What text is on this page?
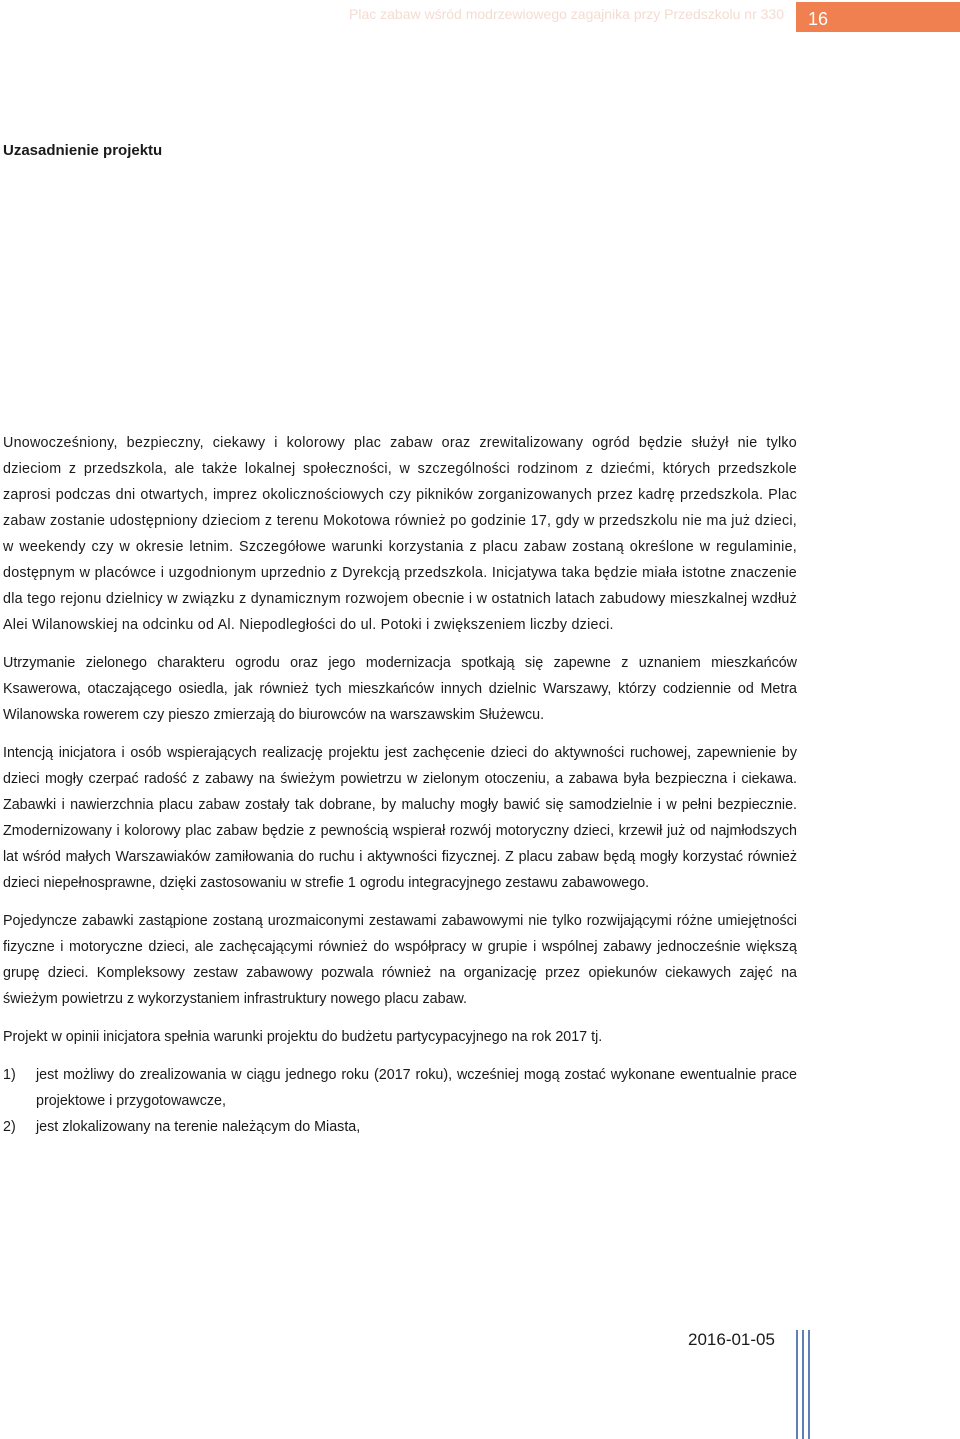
Plac zabaw wśród modrzewiowego zagajnika przy Przedszkolu nr 330	16
Uzasadnienie projektu

Unowocześniony, bezpieczny, ciekawy i kolorowy plac zabaw oraz zrewitalizowany ogród będzie służył nie tylko dzieciom z przedszkola, ale także lokalnej społeczności, w szczególności rodzinom z dziećmi, których przedszkole zaprosi podczas dni otwartych, imprez okolicznościowych czy pikników zorganizowanych przez kadrę przedszkola. Plac zabaw zostanie udostępniony dzieciom z terenu Mokotowa również po godzinie 17, gdy w przedszkolu nie ma już dzieci, w weekendy czy w okresie letnim. Szczegółowe warunki korzystania z placu zabaw zostaną określone w regulaminie, dostępnym w placówce i uzgodnionym uprzednio z Dyrekcją przedszkola. Inicjatywa taka będzie miała istotne znaczenie dla tego rejonu dzielnicy w związku z dynamicznym rozwojem obecnie i w ostatnich latach zabudowy mieszkalnej wzdłuż Alei Wilanowskiej na odcinku od Al. Niepodległości do ul. Potoki i zwiększeniem liczby dzieci.

Utrzymanie zielonego charakteru ogrodu oraz jego modernizacja spotkają się zapewne z uznaniem mieszkańców Ksawerowa, otaczającego osiedla, jak również tych mieszkańców innych dzielnic Warszawy, którzy codziennie od Metra Wilanowska rowerem czy pieszo zmierzają do biurowców na warszawskim Służewcu.

Intencją inicjatora i osób wspierających realizację projektu jest zachęcenie dzieci do aktywności ruchowej, zapewnienie by dzieci mogły czerpać radość z zabawy na świeżym powietrzu w zielonym otoczeniu, a zabawa była bezpieczna i ciekawa. Zabawki i nawierzchnia placu zabaw zostały tak dobrane, by maluchy mogły bawić się samodzielnie i w pełni bezpiecznie. Zmodernizowany i kolorowy plac zabaw będzie z pewnością wspierał rozwój motoryczny dzieci, krzewił już od najmłodszych lat wśród małych Warszawiaków zamiłowania do ruchu i aktywności fizycznej. Z placu zabaw będą mogły korzystać również dzieci niepełnosprawne, dzięki zastosowaniu w strefie 1 ogrodu integracyjnego zestawu zabawowego.

Pojedyncze zabawki zastąpione zostaną urozmaiconymi zestawami zabawowymi nie tylko rozwijającymi różne umiejętności fizyczne i motoryczne dzieci, ale zachęcającymi również do współpracy w grupie i wspólnej zabawy jednocześnie większą grupę dzieci. Kompleksowy zestaw zabawowy pozwala również na organizację przez opiekunów ciekawych zajęć na świeżym powietrzu z wykorzystaniem infrastruktury nowego placu zabaw.

Projekt w opinii inicjatora spełnia warunki projektu do budżetu partycypacyjnego na rok 2017 tj.

1)	jest możliwy do zrealizowania w ciągu jednego roku (2017 roku), wcześniej mogą zostać wykonane ewentualnie prace projektowe i przygotowawcze,
2)	jest zlokalizowany na terenie należącym do Miasta,
2016-01-05
